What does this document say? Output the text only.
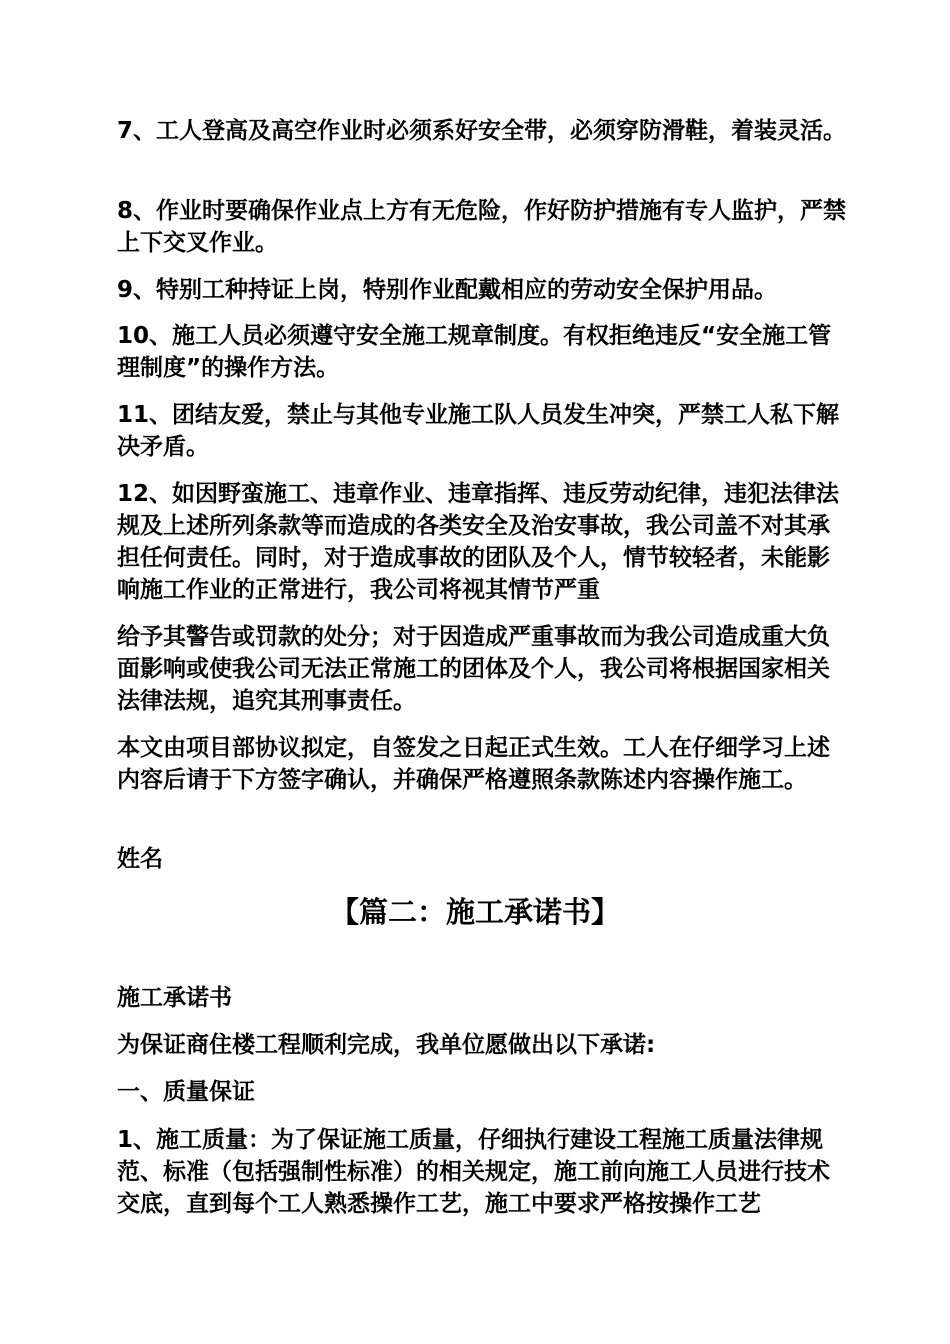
7、工人登高及高空作业时必须系好安全带，必须穿防滑鞋，着装灵活。

8、作业时要确保作业点上方有无危险，作好防护措施有专人监护，严禁上下交叉作业。

9、特别工种持证上岗，特别作业配戴相应的劳动安全保护用品。

10、施工人员必须遵守安全施工规章制度。有权拒绝违反“安全施工管理制度”的操作方法。

11、团结友爱，禁止与其他专业施工队人员发生冲突，严禁工人私下解决矛盾。

12、如因野蛮施工、违章作业、违章指挥、违反劳动纪律，违犯法律法规及上述所列条款等而造成的各类安全及治安事故，我公司盖不对其承担任何责任。同时，对于造成事故的团队及个人，情节较轻者，未能影响施工作业的正常进行，我公司将视其情节严重

给予其警告或罚款的处分；对于因造成严重事故而为我公司造成重大负面影响或使我公司无法正常施工的团体及个人，我公司将根据国家相关法律法规，追究其刑事责任。

本文由项目部协议拟定，自签发之日起正式生效。工人在仔细学习上述内容后请于下方签字确认，并确保严格遵照条款陈述内容操作施工。

姓名

【篇二：施工承诺书】

施工承诺书

为保证商住楼工程顺利完成，我单位愿做出以下承诺:

一、质量保证

1、施工质量：为了保证施工质量，仔细执行建设工程施工质量法律规范、标准（包括强制性标准）的相关规定，施工前向施工人员进行技术交底，直到每个工人熟悉操作工艺，施工中要求严格按操作工艺
